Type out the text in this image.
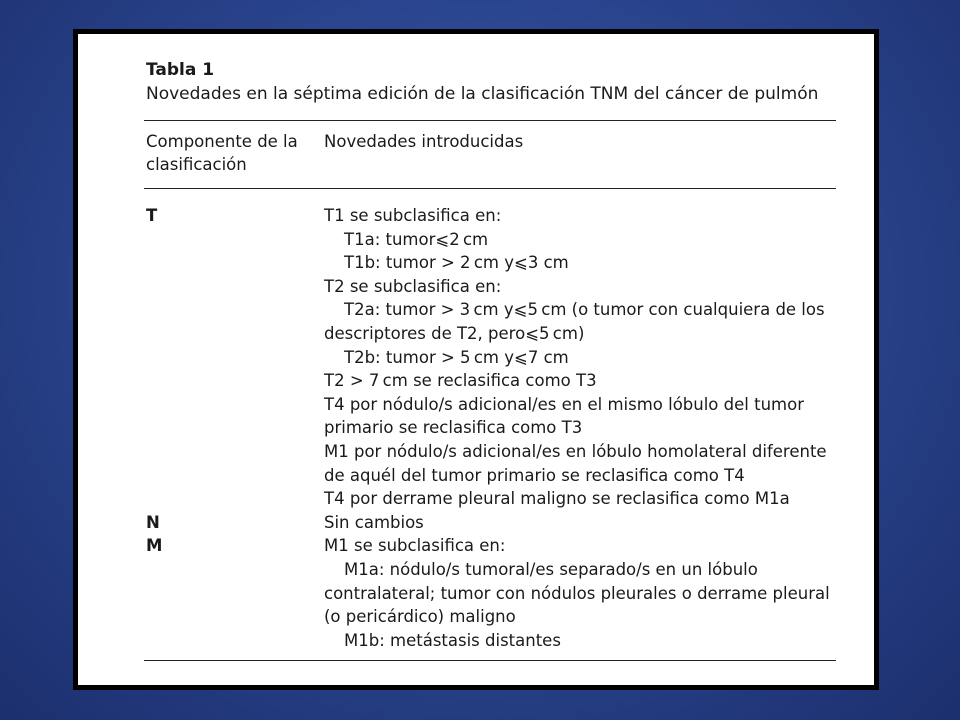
Tabla 1
Novedades en la séptima edición de la clasificación TNM del cáncer de pulmón
Componente de la clasificación
Novedades introducidas
T
N
M
T1 se subclasifica en:
T1a: tumor⩽2 cm
T1b: tumor > 2 cm y⩽3 cm
T2 se subclasifica en:
T2a: tumor > 3 cm y⩽5 cm (o tumor con cualquiera de los
descriptores de T2, pero⩽5 cm)
T2b: tumor > 5 cm y⩽7 cm
T2 > 7 cm se reclasifica como T3
T4 por nódulo/s adicional/es en el mismo lóbulo del tumor
primario se reclasifica como T3
M1 por nódulo/s adicional/es en lóbulo homolateral diferente
de aquél del tumor primario se reclasifica como T4
T4 por derrame pleural maligno se reclasifica como M1a
Sin cambios
M1 se subclasifica en:
M1a: nódulo/s tumoral/es separado/s en un lóbulo
contralateral; tumor con nódulos pleurales o derrame pleural
(o pericárdico) maligno
M1b: metástasis distantes
